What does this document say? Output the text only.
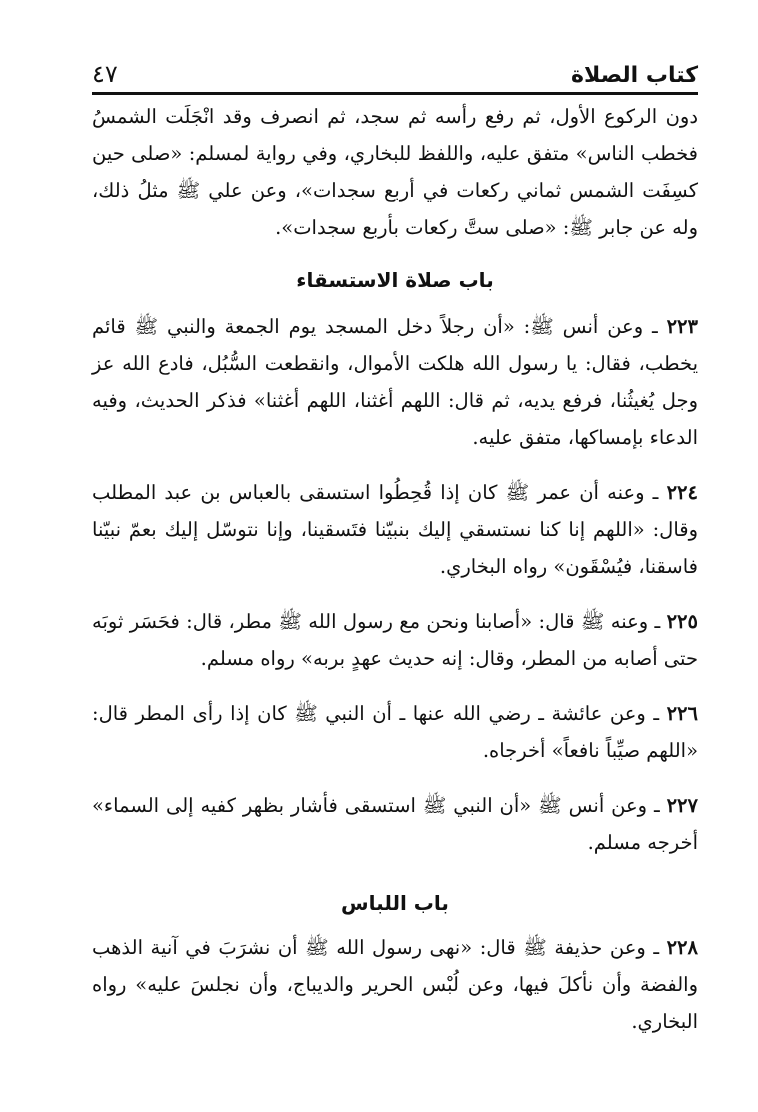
كتاب الصلاة
٤٧

دون الركوع الأول، ثم رفع رأسه ثم سجد، ثم انصرف وقد انْجَلَت الشمسُ فخطب الناس» متفق عليه، واللفظ للبخاري، وفي رواية لمسلم: «صلى حين كسِفَت الشمس ثماني ركعات في أربع سجدات»، وعن علي ﷺ مثلُ ذلك، وله عن جابر ﷺ: «صلى ستَّ ركعات بأربع سجدات».

باب صلاة الاستسقاء

٢٢٣ ـ وعن أنس ﷺ: «أن رجلاً دخل المسجد يوم الجمعة والنبي ﷺ قائم يخطب، فقال: يا رسول الله هلكت الأموال، وانقطعت السُّبُل، فادع الله عز وجل يُغيثُنا، فرفع يديه، ثم قال: اللهم أغثنا، اللهم أغثنا» فذكر الحديث، وفيه الدعاء بإمساكها، متفق عليه.

٢٢٤ ـ وعنه أن عمر ﷺ كان إذا قُحِطُوا استسقى بالعباس بن عبد المطلب وقال: «اللهم إنا كنا نستسقي إليك بنبيّنا فتَسقينا، وإنا نتوسّل إليك بعمّ نبيّنا فاسقنا، فيُسْقَون» رواه البخاري.

٢٢٥ ـ وعنه ﷺ قال: «أصابنا ونحن مع رسول الله ﷺ مطر، قال: فحَسَر ثوبَه حتى أصابه من المطر، وقال: إنه حديث عهدٍ بربه» رواه مسلم.

٢٢٦ ـ وعن عائشة ـ رضي الله عنها ـ أن النبي ﷺ كان إذا رأى المطر قال: «اللهم صيِّباً نافعاً» أخرجاه.

٢٢٧ ـ وعن أنس ﷺ «أن النبي ﷺ استسقى فأشار بظهر كفيه إلى السماء» أخرجه مسلم.

باب اللباس

٢٢٨ ـ وعن حذيفة ﷺ قال: «نهى رسول الله ﷺ أن نشرَبَ في آنية الذهب والفضة وأن نأكلَ فيها، وعن لُبْس الحرير والديباج، وأن نجلسَ عليه» رواه البخاري.
